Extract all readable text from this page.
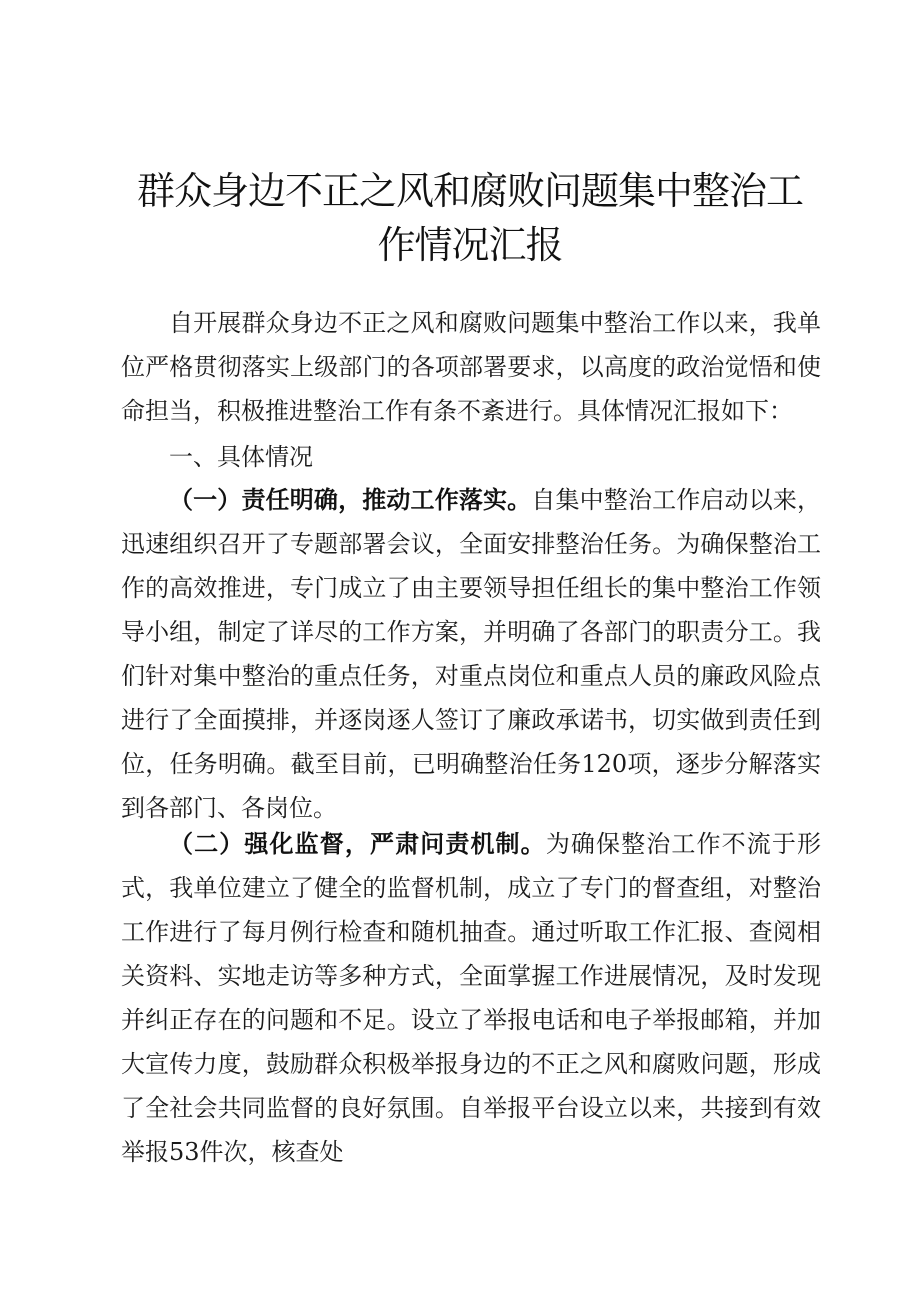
群众身边不正之风和腐败问题集中整治工作情况汇报

自开展群众身边不正之风和腐败问题集中整治工作以来，我单位严格贯彻落实上级部门的各项部署要求，以高度的政治觉悟和使命担当，积极推进整治工作有条不紊进行。具体情况汇报如下：

一、具体情况

（一）责任明确，推动工作落实。自集中整治工作启动以来，迅速组织召开了专题部署会议，全面安排整治任务。为确保整治工作的高效推进，专门成立了由主要领导担任组长的集中整治工作领导小组，制定了详尽的工作方案，并明确了各部门的职责分工。我们针对集中整治的重点任务，对重点岗位和重点人员的廉政风险点进行了全面摸排，并逐岗逐人签订了廉政承诺书，切实做到责任到位，任务明确。截至目前，已明确整治任务120项，逐步分解落实到各部门、各岗位。

（二）强化监督，严肃问责机制。为确保整治工作不流于形式，我单位建立了健全的监督机制，成立了专门的督查组，对整治工作进行了每月例行检查和随机抽查。通过听取工作汇报、查阅相关资料、实地走访等多种方式，全面掌握工作进展情况，及时发现并纠正存在的问题和不足。设立了举报电话和电子举报邮箱，并加大宣传力度，鼓励群众积极举报身边的不正之风和腐败问题，形成了全社会共同监督的良好氛围。自举报平台设立以来，共接到有效举报53件次，核查处
